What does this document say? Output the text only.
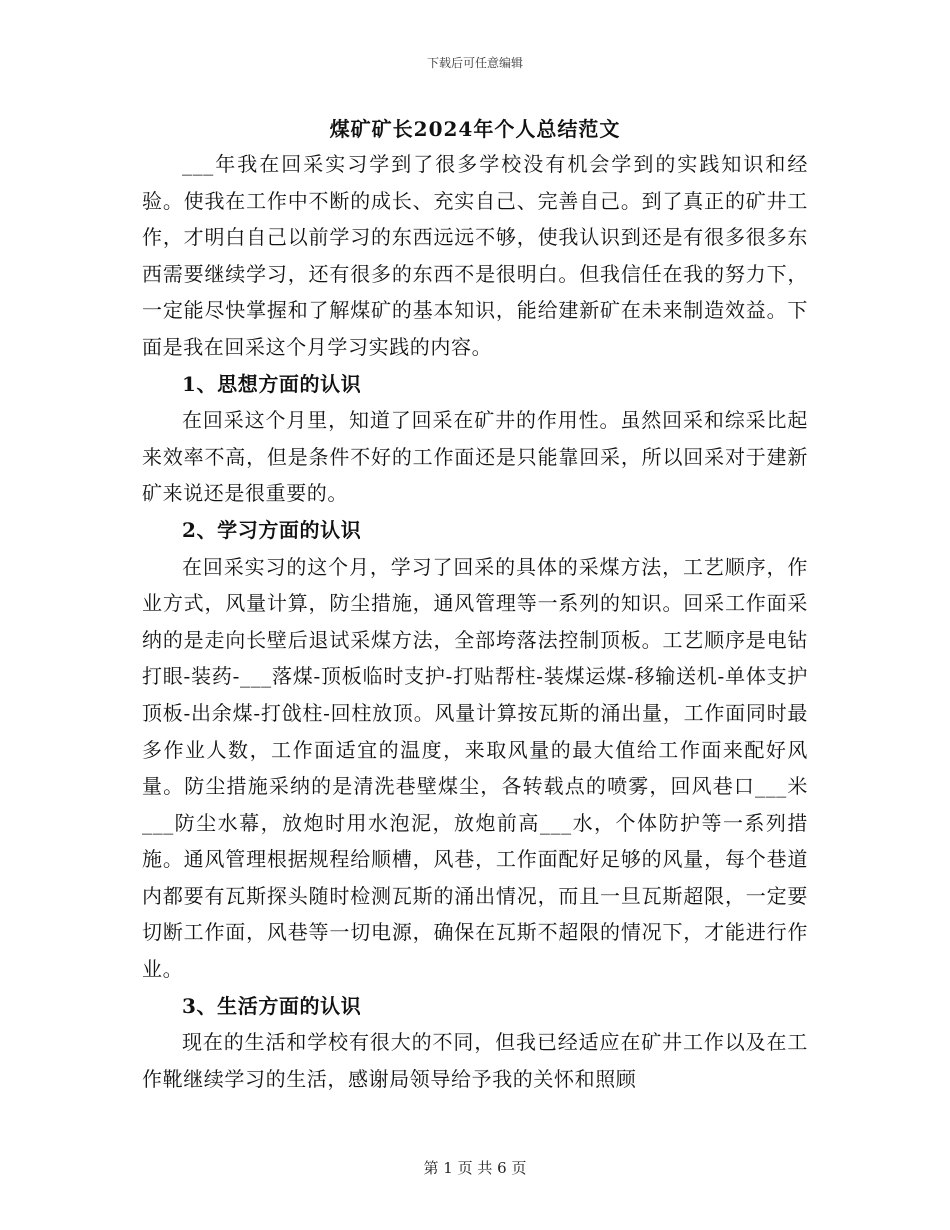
下载后可任意编辑
煤矿矿长2024年个人总结范文

___年我在回采实习学到了很多学校没有机会学到的实践知识和经验。使我在工作中不断的成长、充实自己、完善自己。到了真正的矿井工作，才明白自己以前学习的东西远远不够，使我认识到还是有很多很多东西需要继续学习，还有很多的东西不是很明白。但我信任在我的努力下，一定能尽快掌握和了解煤矿的基本知识，能给建新矿在未来制造效益。下面是我在回采这个月学习实践的内容。

1、思想方面的认识

在回采这个月里，知道了回采在矿井的作用性。虽然回采和综采比起来效率不高，但是条件不好的工作面还是只能靠回采，所以回采对于建新矿来说还是很重要的。

2、学习方面的认识

在回采实习的这个月，学习了回采的具体的采煤方法，工艺顺序，作业方式，风量计算，防尘措施，通风管理等一系列的知识。回采工作面采纳的是走向长壁后退试采煤方法，全部垮落法控制顶板。工艺顺序是电钻打眼-装药-___落煤-顶板临时支护-打贴帮柱-装煤运煤-移输送机-单体支护顶板-出余煤-打戗柱-回柱放顶。风量计算按瓦斯的涌出量，工作面同时最多作业人数，工作面适宜的温度，来取风量的最大值给工作面来配好风量。防尘措施采纳的是清洗巷壁煤尘，各转载点的喷雾，回风巷口___米___防尘水幕，放炮时用水泡泥，放炮前高___水，个体防护等一系列措施。通风管理根据规程给顺槽，风巷，工作面配好足够的风量，每个巷道内都要有瓦斯探头随时检测瓦斯的涌出情况，而且一旦瓦斯超限，一定要切断工作面，风巷等一切电源，确保在瓦斯不超限的情况下，才能进行作业。

3、生活方面的认识

现在的生活和学校有很大的不同，但我已经适应在矿井工作以及在工作靴继续学习的生活，感谢局领导给予我的关怀和照顾

第 1 页 共 6 页
